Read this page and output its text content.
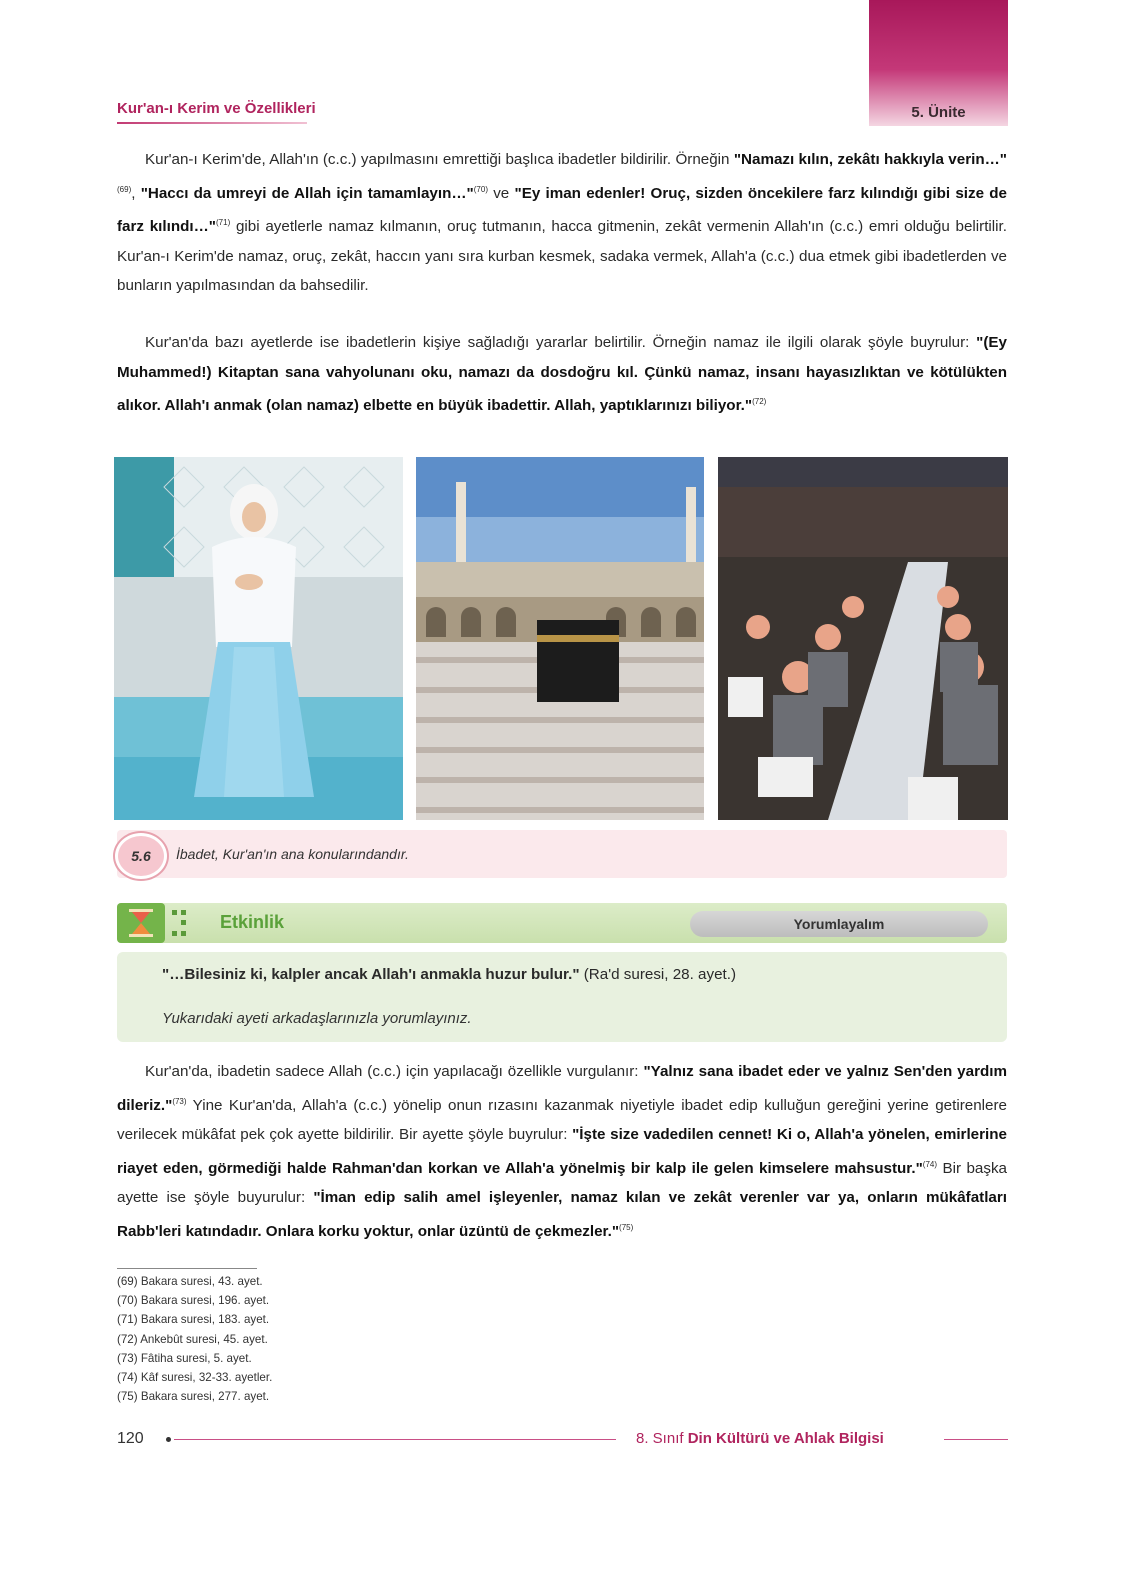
Kur'an-ı Kerim ve Özellikleri	5. Ünite
Kur'an-ı Kerim'de, Allah'ın (c.c.) yapılmasını emrettiği başlıca ibadetler bildirilir. Örneğin "Namazı kılın, zekâtı hakkıyla verin…"$^{(69)}$, "Haccı da umreyi de Allah için tamamlayın…"$^{(70)}$ ve "Ey iman edenler! Oruç, sizden öncekilere farz kılındığı gibi size de farz kılındı…"$^{(71)}$ gibi ayetlerle namaz kılmanın, oruç tutmanın, hacca gitmenin, zekât vermenin Allah'ın (c.c.) emri olduğu belirtilir. Kur'an-ı Kerim'de namaz, oruç, zekât, haccın yanı sıra kurban kesmek, sadaka vermek, Allah'a (c.c.) dua etmek gibi ibadetlerden ve bunların yapılmasından da bahsedilir.
Kur'an'da bazı ayetlerde ise ibadetlerin kişiye sağladığı yararlar belirtilir. Örneğin namaz ile ilgili olarak şöyle buyrulur: "(Ey Muhammed!) Kitaptan sana vahyolunanı oku, namazı da dosdoğru kıl. Çünkü namaz, insanı hayasızlıktan ve kötülükten alıkor. Allah'ı anmak (olan namaz) elbette en büyük ibadettir. Allah, yaptıklarınızı biliyor."$^{(72)}$
5.6	İbadet, Kur'an'ın ana konularındandır.
Etkinlik	Yorumlayalım
"…Bilesiniz ki, kalpler ancak Allah'ı anmakla huzur bulur." (Ra'd suresi, 28. ayet.)
Yukarıdaki ayeti arkadaşlarınızla yorumlayınız.
Kur'an'da, ibadetin sadece Allah (c.c.) için yapılacağı özellikle vurgulanır: "Yalnız sana ibadet eder ve yalnız Sen'den yardım dileriz."$^{(73)}$ Yine Kur'an'da, Allah'a (c.c.) yönelip onun rızasını kazanmak niyetiyle ibadet edip kulluğun gereğini yerine getirenlere verilecek mükâfat pek çok ayette bildirilir. Bir ayette şöyle buyrulur: "İşte size vadedilen cennet! Ki o, Allah'a yönelen, emirlerine riayet eden, görmediği halde Rahman'dan korkan ve Allah'a yönelmiş bir kalp ile gelen kimselere mahsustur."$^{(74)}$ Bir başka ayette ise şöyle buyurulur: "İman edip salih amel işleyenler, namaz kılan ve zekât verenler var ya, onların mükâfatları Rabb'leri katındadır. Onlara korku yoktur, onlar üzüntü de çekmezler."$^{(75)}$
(69) Bakara suresi, 43. ayet.
(70) Bakara suresi, 196. ayet.
(71) Bakara suresi, 183. ayet.
(72) Ankebût suresi, 45. ayet.
(73) Fâtiha suresi, 5. ayet.
(74) Kâf suresi, 32-33. ayetler.
(75) Bakara suresi, 277. ayet.
120	8. Sınıf Din Kültürü ve Ahlak Bilgisi
